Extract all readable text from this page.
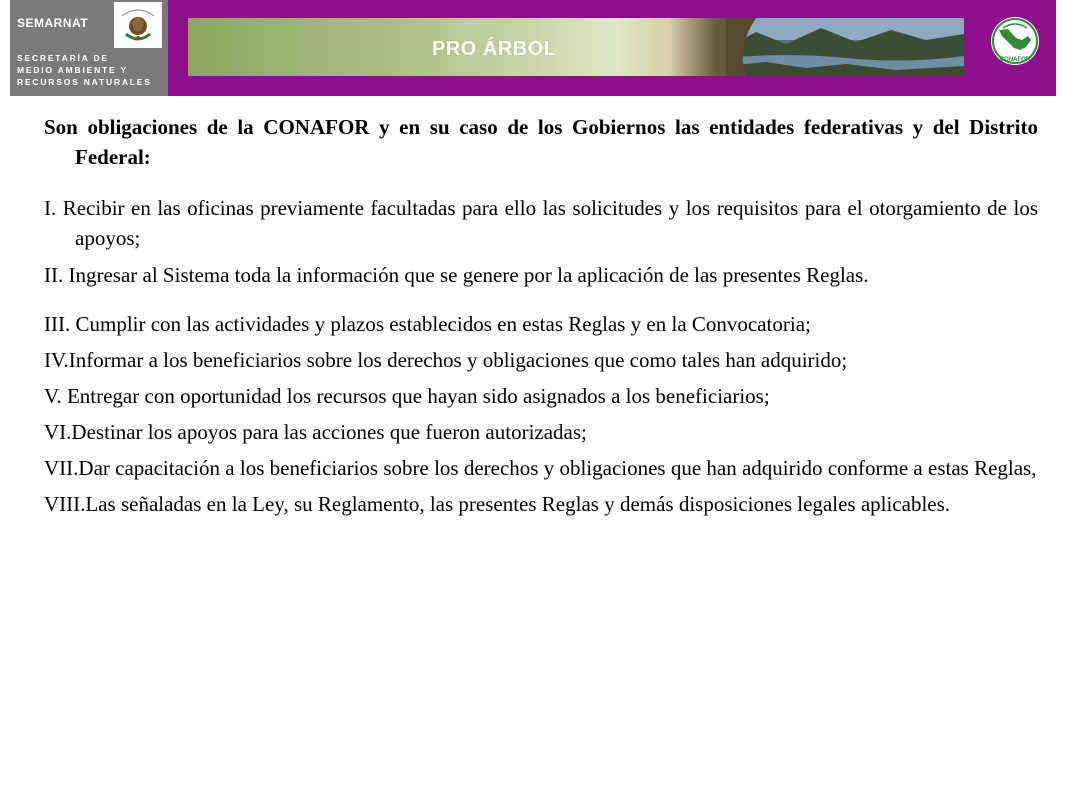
SEMARNAT
SECRETARÍA DE
MEDIO AMBIENTE Y
RECURSOS NATURALES
PRO ÁRBOL	CONAFOR

Son obligaciones de la CONAFOR y en su caso de los Gobiernos las entidades federativas y del Distrito Federal:

I. Recibir en las oficinas previamente facultadas para ello las solicitudes y los requisitos para el otorgamiento de los apoyos;

II. Ingresar al Sistema toda la información que se genere por la aplicación de las presentes Reglas.

III. Cumplir con las actividades y plazos establecidos en estas Reglas y en la Convocatoria;

IV.Informar a los beneficiarios sobre los derechos y obligaciones que como tales han adquirido;

V. Entregar con oportunidad los recursos que hayan sido asignados a los beneficiarios;

VI.Destinar los apoyos para las acciones que fueron autorizadas;

VII.Dar capacitación a los beneficiarios sobre los derechos y obligaciones que han adquirido conforme a estas Reglas,

VIII.Las señaladas en la Ley, su Reglamento, las presentes Reglas y demás disposiciones legales aplicables.
